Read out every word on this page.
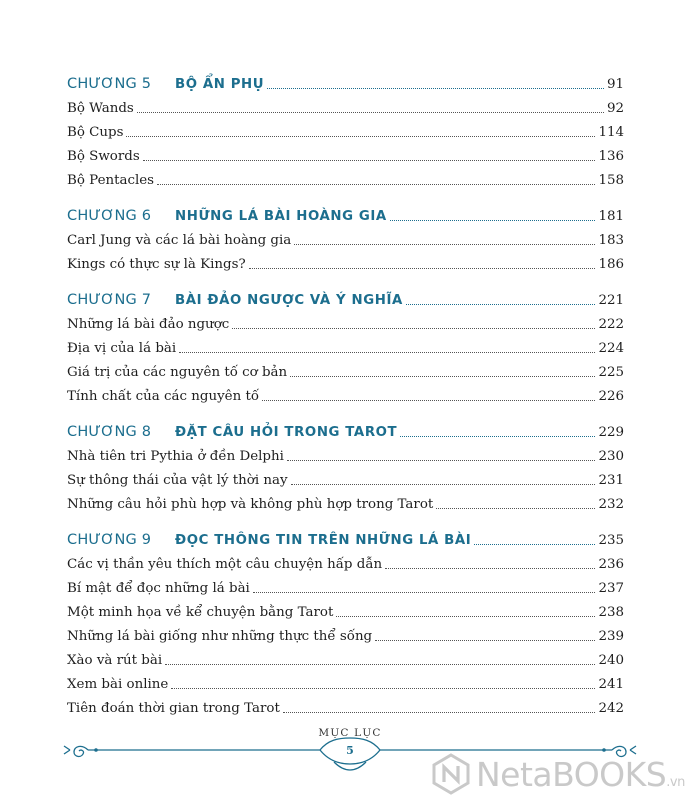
CHƯƠNG 5	BỘ ẨN PHỤ	91
Bộ Wands	92
Bộ Cups	114
Bộ Swords	136
Bộ Pentacles	158
CHƯƠNG 6	NHỮNG LÁ BÀI HOÀNG GIA	181
Carl Jung và các lá bài hoàng gia	183
Kings có thực sự là Kings?	186
CHƯƠNG 7	BÀI ĐẢO NGƯỢC VÀ Ý NGHĨA	221
Những lá bài đảo ngược	222
Địa vị của lá bài	224
Giá trị của các nguyên tố cơ bản	225
Tính chất của các nguyên tố	226
CHƯƠNG 8	ĐẶT CÂU HỎI TRONG TAROT	229
Nhà tiên tri Pythia ở đền Delphi	230
Sự thông thái của vật lý thời nay	231
Những câu hỏi phù hợp và không phù hợp trong Tarot	232
CHƯƠNG 9	ĐỌC THÔNG TIN TRÊN NHỮNG LÁ BÀI	235
Các vị thần yêu thích một câu chuyện hấp dẫn	236
Bí mật để đọc những lá bài	237
Một minh họa về kể chuyện bằng Tarot	238
Những lá bài giống như những thực thể sống	239
Xào và rút bài	240
Xem bài online	241
Tiên đoán thời gian trong Tarot	242
MỤC LỤC
5
NetaBOOKS.vn
